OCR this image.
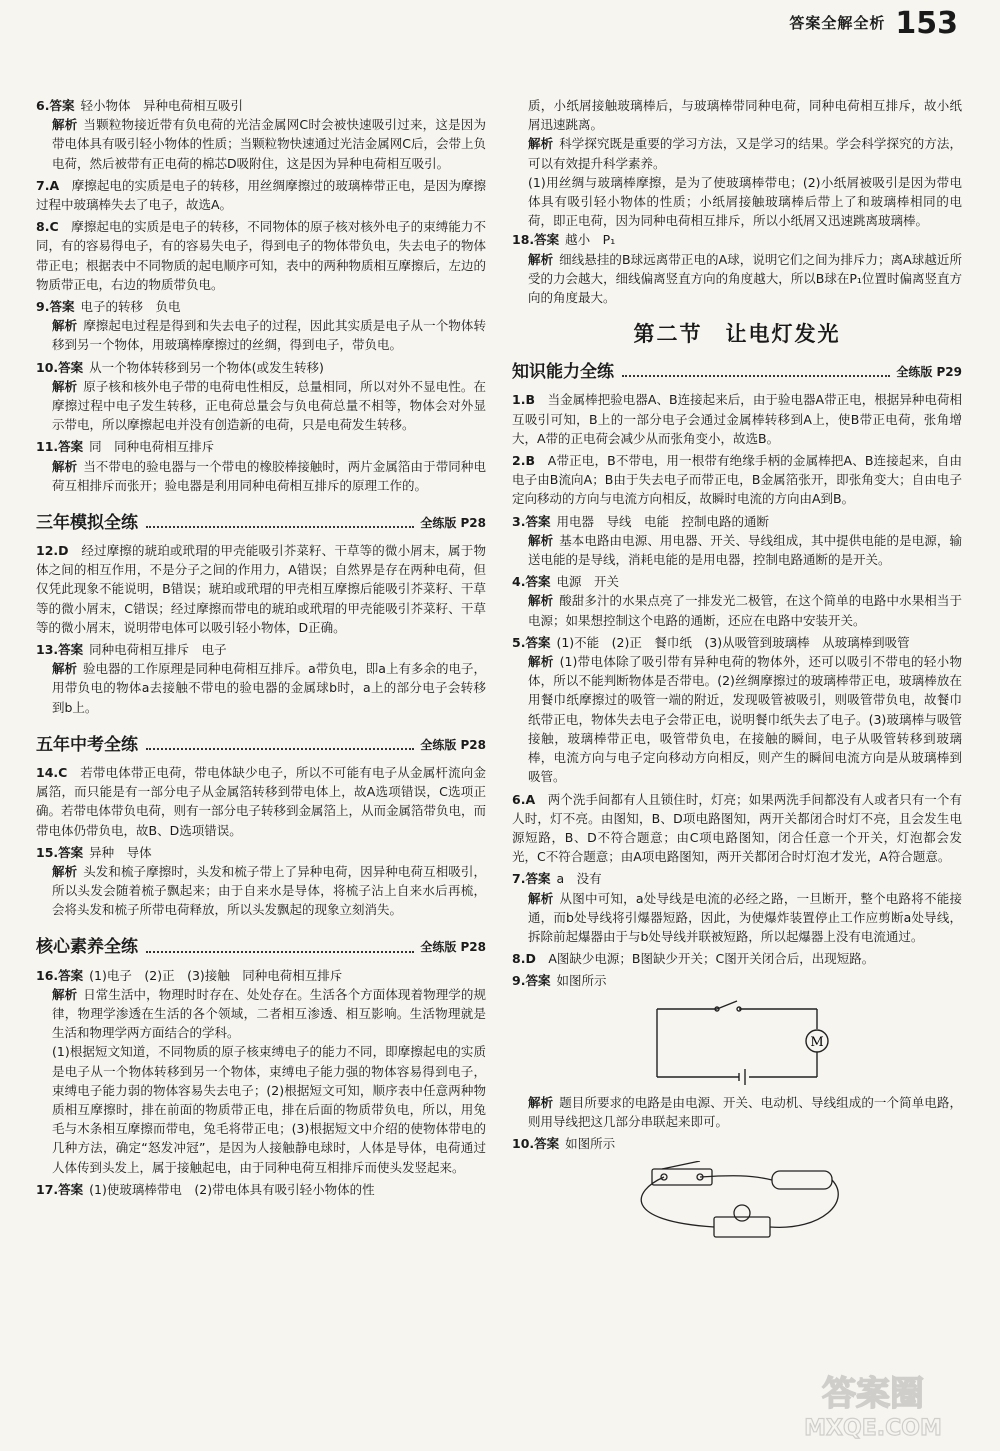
答案全解全析 153
6.答案 轻小物体　异种电荷相互吸引
解析 当颗粒物接近带有负电荷的光洁金属网C时会被快速吸引过来，这是因为带电体具有吸引轻小物体的性质；当颗粒物快速通过光洁金属网C后，会带上负电荷，然后被带有正电荷的棉芯D吸附住，这是因为异种电荷相互吸引。
7.A　 摩擦起电的实质是电子的转移，用丝绸摩擦过的玻璃棒带正电，是因为摩擦过程中玻璃棒失去了电子，故选A。
8.C　 摩擦起电的实质是电子的转移，不同物体的原子核对核外电子的束缚能力不同，有的容易得电子，有的容易失电子，得到电子的物体带负电，失去电子的物体带正电；根据表中不同物质的起电顺序可知，表中的两种物质相互摩擦后，左边的物质带正电，右边的物质带负电。
9.答案 电子的转移　负电
解析 摩擦起电过程是得到和失去电子的过程，因此其实质是电子从一个物体转移到另一个物体，用玻璃棒摩擦过的丝绸，得到电子，带负电。
10.答案 从一个物体转移到另一个物体(或发生转移)
解析 原子核和核外电子带的电荷电性相反，总量相同，所以对外不显电性。在摩擦过程中电子发生转移，正电荷总量会与负电荷总量不相等，物体会对外显示带电，所以摩擦起电并没有创造新的电荷，只是电荷发生转移。
11.答案 同　同种电荷相互排斥
解析 当不带电的验电器与一个带电的橡胶棒接触时，两片金属箔由于带同种电荷互相排斥而张开；验电器是利用同种电荷相互排斥的原理工作的。
三年模拟全练	全练版 P28
12.D　 经过摩擦的琥珀或玳瑁的甲壳能吸引芥菜籽、干草等的微小屑末，属于物体之间的相互作用，不是分子之间的作用力，A错误；自然界是存在两种电荷，但仅凭此现象不能说明，B错误；琥珀或玳瑁的甲壳相互摩擦后能吸引芥菜籽、干草等的微小屑末，C错误；经过摩擦而带电的琥珀或玳瑁的甲壳能吸引芥菜籽、干草等的微小屑末，说明带电体可以吸引轻小物体，D正确。
13.答案 同种电荷相互排斥　电子
解析 验电器的工作原理是同种电荷相互排斥。a带负电，即a上有多余的电子，用带负电的物体a去接触不带电的验电器的金属球b时，a上的部分电子会转移到b上。
五年中考全练	全练版 P28
14.C　 若带电体带正电荷，带电体缺少电子，所以不可能有电子从金属杆流向金属箔，而只能是有一部分电子从金属箔转移到带电体上，故A选项错误，C选项正确。若带电体带负电荷，则有一部分电子转移到金属箔上，从而金属箔带负电，而带电体仍带负电，故B、D选项错误。
15.答案 异种　导体
解析 头发和梳子摩擦时，头发和梳子带上了异种电荷，因异种电荷互相吸引，所以头发会随着梳子飘起来；由于自来水是导体，将梳子沾上自来水后再梳，会将头发和梳子所带电荷释放，所以头发飘起的现象立刻消失。
核心素养全练	全练版 P28
16.答案 (1)电子　(2)正　(3)接触　同种电荷相互排斥
解析 日常生活中，物理时时存在、处处存在。生活各个方面体现着物理学的规律，物理学渗透在生活的各个领域，二者相互渗透、相互影响。生活物理就是生活和物理学两方面结合的学科。
(1)根据短文知道，不同物质的原子核束缚电子的能力不同，即摩擦起电的实质是电子从一个物体转移到另一个物体，束缚电子能力强的物体容易得到电子，束缚电子能力弱的物体容易失去电子；(2)根据短文可知，顺序表中任意两种物质相互摩擦时，排在前面的物质带正电，排在后面的物质带负电，所以，用兔毛与木条相互摩擦而带电，兔毛将带正电；(3)根据短文中介绍的使物体带电的几种方法，确定“怒发冲冠”，是因为人接触静电球时，人体是导体，电荷通过人体传到头发上，属于接触起电，由于同种电荷互相排斥而使头发竖起来。
17.答案 (1)使玻璃棒带电　(2)带电体具有吸引轻小物体的性
质，小纸屑接触玻璃棒后，与玻璃棒带同种电荷，同种电荷相互排斥，故小纸屑迅速跳离。
解析 科学探究既是重要的学习方法，又是学习的结果。学会科学探究的方法，可以有效提升科学素养。
(1)用丝绸与玻璃棒摩擦，是为了使玻璃棒带电；(2)小纸屑被吸引是因为带电体具有吸引轻小物体的性质；小纸屑接触玻璃棒后带上了和玻璃棒相同的电荷，即正电荷，因为同种电荷相互排斥，所以小纸屑又迅速跳离玻璃棒。
18.答案 越小　P₁
解析 细线悬挂的B球远离带正电的A球，说明它们之间为排斥力；离A球越近所受的力会越大，细线偏离竖直方向的角度越大，所以B球在P₁位置时偏离竖直方向的角度最大。
第二节　让电灯发光
知识能力全练	全练版 P29
1.B　 当金属棒把验电器A、B连接起来后，由于验电器A带正电，根据异种电荷相互吸引可知，B上的一部分电子会通过金属棒转移到A上，使B带正电荷，张角增大，A带的正电荷会减少从而张角变小，故选B。
2.B　 A带正电，B不带电，用一根带有绝缘手柄的金属棒把A、B连接起来，自由电子由B流向A；B由于失去电子而带正电，B金属箔张开，即张角变大；自由电子定向移动的方向与电流方向相反，故瞬时电流的方向由A到B。
3.答案 用电器　导线　电能　控制电路的通断
解析 基本电路由电源、用电器、开关、导线组成，其中提供电能的是电源，输送电能的是导线，消耗电能的是用电器，控制电路通断的是开关。
4.答案 电源　开关
解析 酸甜多汁的水果点亮了一排发光二极管，在这个简单的电路中水果相当于电源；如果想控制这个电路的通断，还应在电路中安装开关。
5.答案 (1)不能　(2)正　餐巾纸　(3)从吸管到玻璃棒　从玻璃棒到吸管
解析 (1)带电体除了吸引带有异种电荷的物体外，还可以吸引不带电的轻小物体，所以不能判断物体是否带电。(2)丝绸摩擦过的玻璃棒带正电，玻璃棒放在用餐巾纸摩擦过的吸管一端的附近，发现吸管被吸引，则吸管带负电，故餐巾纸带正电，物体失去电子会带正电，说明餐巾纸失去了电子。(3)玻璃棒与吸管接触，玻璃棒带正电，吸管带负电，在接触的瞬间，电子从吸管转移到玻璃棒，电流方向与电子定向移动方向相反，则产生的瞬间电流方向是从玻璃棒到吸管。
6.A　 两个洗手间都有人且锁住时，灯亮；如果两洗手间都没有人或者只有一个有人时，灯不亮。由图知，B、D项电路图知，两开关都闭合时灯不亮，且会发生电源短路，B、D不符合题意；由C项电路图知，闭合任意一个开关，灯泡都会发光，C不符合题意；由A项电路图知，两开关都闭合时灯泡才发光，A符合题意。
7.答案 a　没有
解析 从图中可知，a处导线是电流的必经之路，一旦断开，整个电路将不能接通，而b处导线将引爆器短路，因此，为使爆炸装置停止工作应剪断a处导线，拆除前起爆器由于与b处导线并联被短路，所以起爆器上没有电流通过。
8.D　 A图缺少电源；B图缺少开关；C图开关闭合后，出现短路。
9.答案 如图所示
M
解析 题目所要求的电路是由电源、开关、电动机、导线组成的一个简单电路，则用导线把这几部分串联起来即可。
10.答案 如图所示
答案圈
MXQE.COM
